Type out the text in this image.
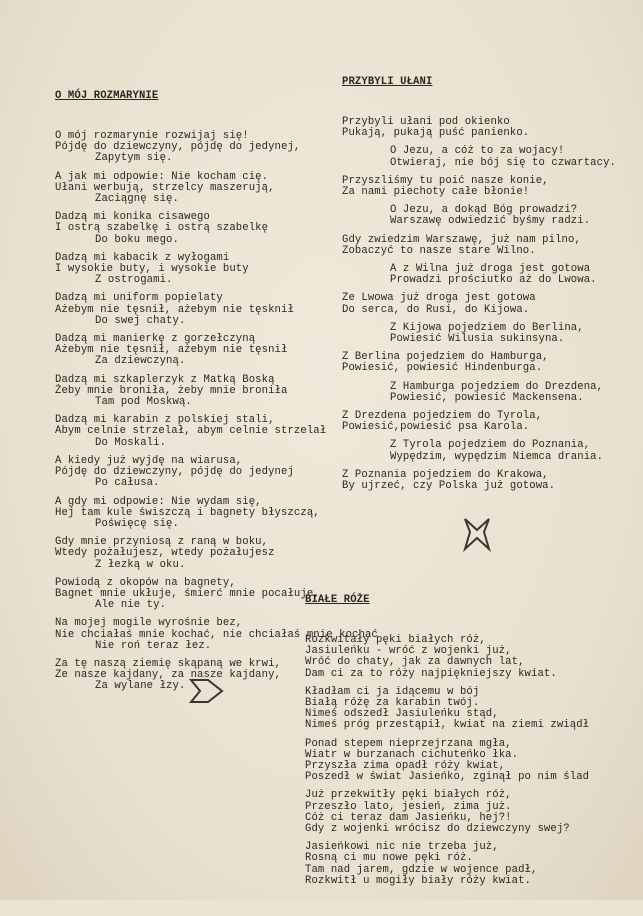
O MÓJ ROZMARYNIE

O mój rozmarynie rozwijaj się!
Pójdę do dziewczyny, pójdę do jedynej,
Zapytym się.
A jak mi odpowie: Nie kocham cię.
Ułani werbują, strzelcy maszerują,
Zaciągnę się.
Dadzą mi konika cisawego
I ostrą szabelkę i ostrą szabelkę
Do boku mego.
Dadzą mi kabacik z wyłogami
I wysokie buty, i wysokie buty
Z ostrogami.
Dadzą mi uniform popielaty
Ażebym nie tęsnił, ażebym nie tęsknił
Do swej chaty.
Dadzą mi manierkę z gorzełczyną
Ażebym nie tęsnił, ażebym nie tęsnił
Za dziewczyną.
Dadzą mi szkaplerzyk z Matką Boską
Żeby mnie broniła, żeby mnie broniła
Tam pod Moskwą.
Dadzą mi karabin z polskiej stali,
Abym celnie strzelał, abym celnie strzelał
Do Moskali.
A kiedy już wyjdę na wiarusa,
Pójdę do dziewczyny, pójdę do jedynej
Po całusa.
A gdy mi odpowie: Nie wydam się,
Hej tam kule świszczą i bagnety błyszczą,
Poświęcę się.
Gdy mnie przyniosą z raną w boku,
Wtedy pożałujesz, wtedy pożałujesz
Z łezką w oku.
Powiodą z okopów na bagnety,
Bagnet mnie ukłuje, śmierć mnie pocałuje,
Ale nie ty.
Na mojej mogile wyrośnie bez,
Nie chciałaś mnie kochać, nie chciałaś mnie kochać
Nie roń teraz łez.
Za tę naszą ziemię skąpaną we krwi,
Ze nasze kajdany, za nasze kajdany,
Za wylane łzy.

PRZYBYLI UŁANI

Przybyli ułani pod okienko
Pukają, pukają puść panienko.
O Jezu, a cóż to za wojacy!
Otwieraj, nie bój się to czwartacy.
Przyszliśmy tu poić nasze konie,
Za nami piechoty całe błonie!
O Jezu, a dokąd Bóg prowadzi?
Warszawę odwiedzić byśmy radzi.
Gdy zwiedzim Warszawę, już nam pilno,
Zobaczyć to nasze stare Wilno.
A z Wilna już droga jest gotowa
Prowadzi prościutko aż do Lwowa.
Ze Lwowa już droga jest gotowa
Do serca, do Rusi, do Kijowa.
Z Kijowa pojedziem do Berlina,
Powiesić Wilusia sukinsyna.
Z Berlina pojedziem do Hamburga,
Powiesić, powiesić Hindenburga.
Z Hamburga pojedziem do Drezdena,
Powiesić, powiesić Mackensena.
Z Drezdena pojedziem do Tyrola,
Powiesić,powiesić psa Karola.
Z Tyrola pojedziem do Poznania,
Wypędzim, wypędzim Niemca drania.
Z Poznania pojedziem do Krakowa,
By ujrzeć, czy Polska już gotowa.

BIAŁE RÓŻE

Rozkwitały pęki białych róż,
Jasiuleńku - wróć z wojenki już,
Wróć do chaty, jak za dawnych lat,
Dam ci za to róży najpiękniejszy kwiat.
Kładłam ci ja idącemu w bój
Białą różę za karabin twój.
Nimeś odszedł Jasiuleńku stąd,
Nimeś próg przestąpił, kwiat na ziemi zwiądł
Ponad stepem nieprzejrzana mgła,
Wiatr w burzanach cichuteńko łka.
Przyszła zima opadł róży kwiat,
Poszedł w świat Jasieńko, zginął po nim ślad
Już przekwitły pęki białych róż,
Przeszło lato, jesień, zima już.
Cóż ci teraz dam Jasieńku, hej?!
Gdy z wojenki wrócisz do dziewczyny swej?
Jasieńkowi nic nie trzeba już,
Rosną ci mu nowe pęki róż.
Tam nad jarem, gdzie w wojence padł,
Rozkwitł u mogiły biały róży kwiat.
